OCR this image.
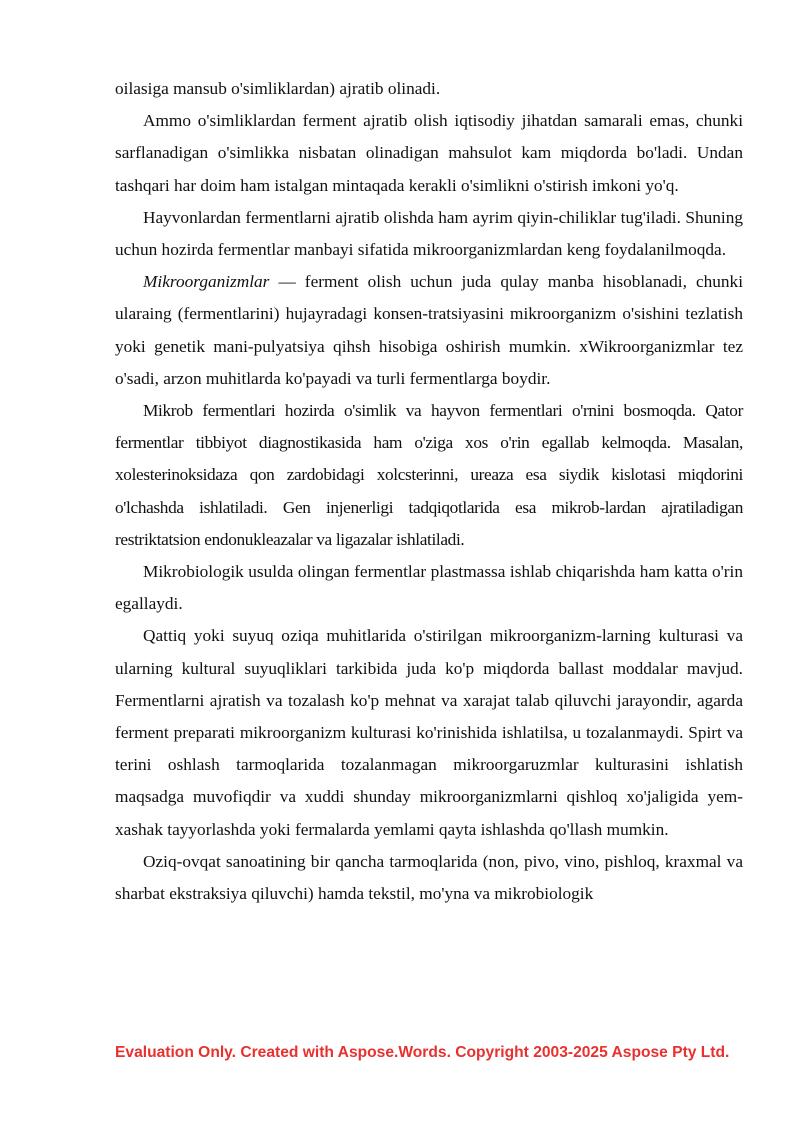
oilasiga mansub o'simliklardan) ajratib olinadi.

Ammo o'simliklardan ferment ajratib olish iqtisodiy jihatdan samarali emas, chunki sarflanadigan o'simlikka nisbatan olinadigan mahsulot kam miqdorda bo'ladi. Undan tashqari har doim ham istalgan mintaqada kerakli o'simlikni o'stirish imkoni yo'q.

Hayvonlardan fermentlarni ajratib olishda ham ayrim qiyin-chiliklar tug'iladi. Shuning uchun hozirda fermentlar manbayi sifatida mikroorganizmlardan keng foydalanilmoqda.

Mikroorganizmlar — ferment olish uchun juda qulay manba hisoblanadi, chunki ularaing (fermentlarini) hujayradagi konsen-tratsiyasini mikroorganizm o'sishini tezlatish yoki genetik mani-pulyatsiya qihsh hisobiga oshirish mumkin. xWikroorganizmlar tez o'sadi, arzon muhitlarda ko'payadi va turli fermentlarga boydir.

Mikrob fermentlari hozirda o'simlik va hayvon fermentlari o'rnini bosmoqda. Qator fermentlar tibbiyot diagnostikasida ham o'ziga xos o'rin egallab kelmoqda. Masalan, xolesterinoksidaza qon zardobidagi xolcsterinni, ureaza esa siydik kislotasi miqdorini o'lchashda ishlatiladi. Gen injenerligi tadqiqotlarida esa mikrob-lardan ajratiladigan restriktatsion endonukleazalar va ligazalar ishlatiladi.

Mikrobiologik usulda olingan fermentlar plastmassa ishlab chiqarishda ham katta o'rin egallaydi.

Qattiq yoki suyuq oziqa muhitlarida o'stirilgan mikroorganizm-larning kulturasi va ularning kultural suyuqliklari tarkibida juda ko'p miqdorda ballast moddalar mavjud. Fermentlarni ajratish va tozalash ko'p mehnat va xarajat talab qiluvchi jarayondir, agarda ferment preparati mikroorganizm kulturasi ko'rinishida ishlatilsa, u tozalanmaydi. Spirt va terini oshlash tarmoqlarida tozalanmagan mikroorgaruzmlar kulturasini ishlatish maqsadga muvofiqdir va xuddi shunday mikroorganizmlarni qishloq xo'jaligida yem-xashak tayyorlashda yoki fermalarda yemlami qayta ishlashda qo'llash mumkin.

Oziq-ovqat sanoatining bir qancha tarmoqlarida (non, pivo, vino, pishloq, kraxmal va sharbat ekstraksiya qiluvchi) hamda tekstil, mo'yna va mikrobiologik

Evaluation Only. Created with Aspose.Words. Copyright 2003-2025 Aspose Pty Ltd.
